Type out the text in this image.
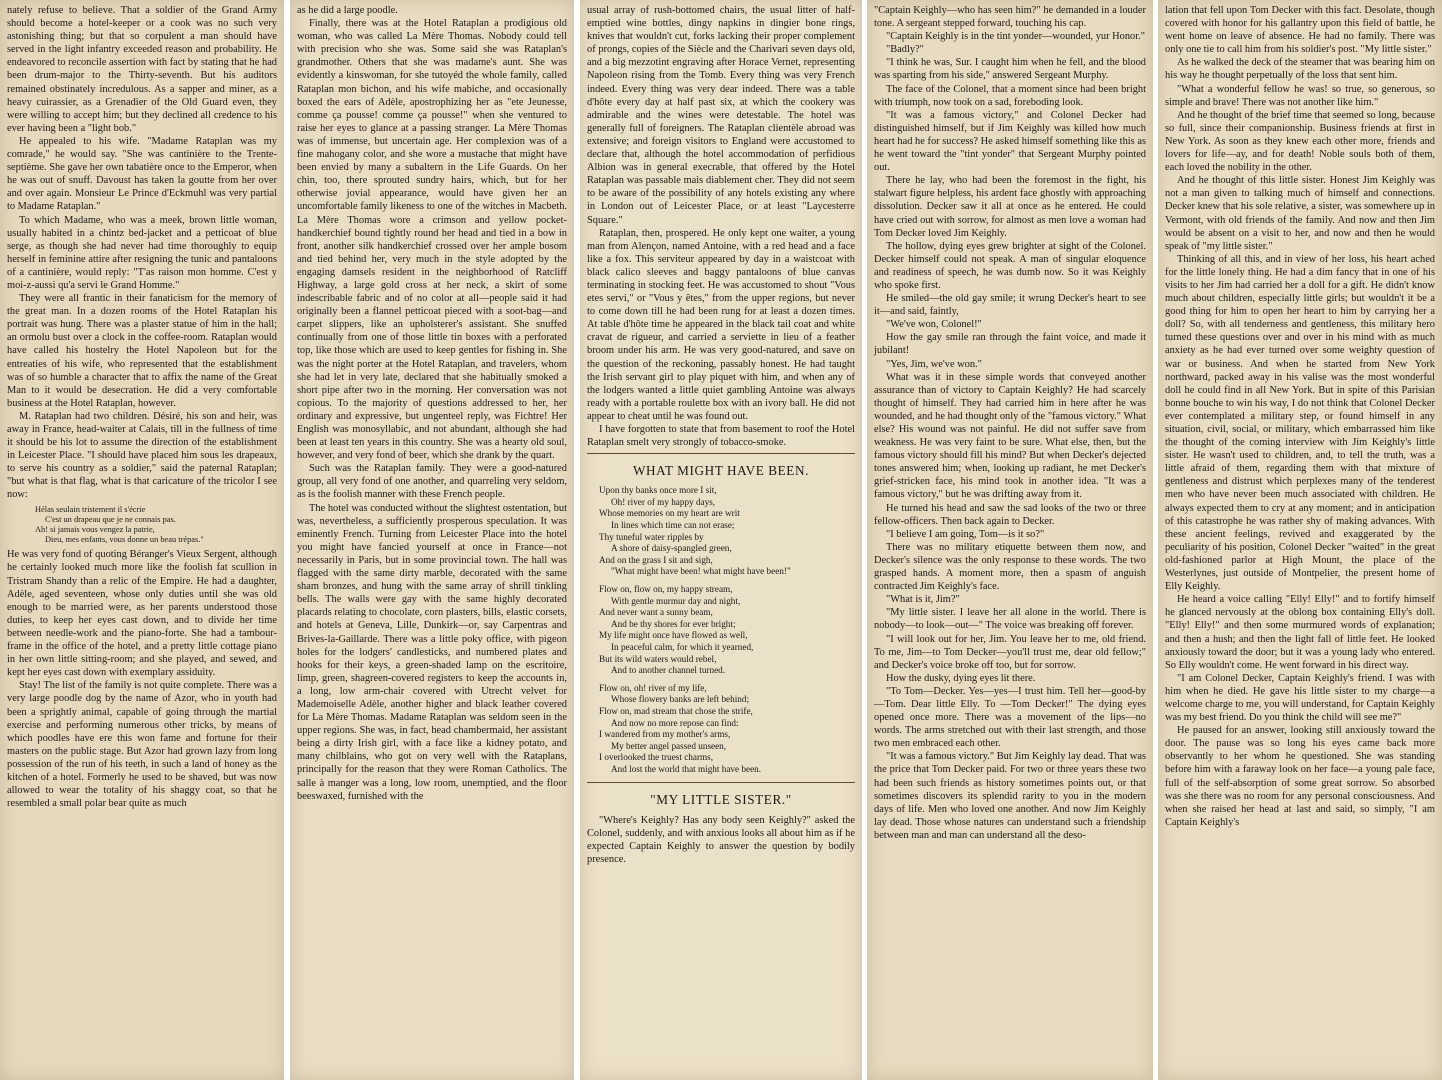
nately refuse to believe. That a soldier of the Grand Army should become a hotel-keeper or a cook was no such very astonishing thing; but that so corpulent a man should have served in the light infantry exceeded reason and probability. He endeavored to reconcile assertion with fact by stating that he had been drum-major to the Thirty-seventh. But his auditors remained obstinately incredulous. As a sapper and miner, as a heavy cuirassier, as a Grenadier of the Old Guard even, they were willing to accept him; but they declined all credence to his ever having been a "light bob."

He appealed to his wife. "Madame Rataplan was my comrade," he would say. "She was cantinière to the Trente-septième. She gave her own tabatière once to the Emperor, when he was out of snuff. Davoust has taken la goutte from her over and over again. Monsieur Le Prince d'Eckmuhl was very partial to Madame Rataplan."

To which Madame, who was a meek, brown little woman, usually habited in a chintz bed-jacket and a petticoat of blue serge, as though she had never had time thoroughly to equip herself in feminine attire after resigning the tunic and pantaloons of a cantinière, would reply: "T'as raison mon homme. C'est y moi-z-aussi qu'a servi le Grand Homme."

They were all frantic in their fanaticism for the memory of the great man. In a dozen rooms of the Hotel Rataplan his portrait was hung. There was a plaster statue of him in the hall; an ormolu bust over a clock in the coffee-room. Rataplan would have called his hostelry the Hotel Napoleon but for the entreaties of his wife, who represented that the establishment was of so humble a character that to affix the name of the Great Man to it would be desecration. He did a very comfortable business at the Hotel Rataplan, however.

M. Rataplan had two children. Désiré, his son and heir, was away in France, head-waiter at Calais, till in the fullness of time it should be his lot to assume the direction of the establishment in Leicester Place. "I should have placed him sous les drapeaux, to serve his country as a soldier," said the paternal Rataplan; "but what is that flag, what is that caricature of the tricolor I see now:

Hélas seulain tristement il s'écrie
C'est un drapeau que je ne connais pas.
Ah! si jamais vous vengez la patrie,
Dieu, mes enfants, vous donne un beau trépas."

He was very fond of quoting Béranger's Vieux Sergent, although he certainly looked much more like the foolish fat scullion in Tristram Shandy than a relic of the Empire. He had a daughter, Adèle, aged seventeen, whose only duties until she was old enough to be married were, as her parents understood those duties, to keep her eyes cast down, and to divide her time between needle-work and the piano-forte. She had a tambour-frame in the office of the hotel, and a pretty little cottage piano in her own little sitting-room; and she played, and sewed, and kept her eyes cast down with exemplary assiduity.

Stay! The list of the family is not quite complete. There was a very large poodle dog by the name of Azor, who in youth had been a sprightly animal, capable of going through the martial exercise and performing numerous other tricks, by means of which poodles have ere this won fame and fortune for their masters on the public stage. But Azor had grown lazy from long possession of the run of his teeth, in such a land of honey as the kitchen of a hotel. Formerly he used to be shaved, but was now allowed to wear the totality of his shaggy coat, so that he resembled a small polar bear quite as much

as he did a large poodle.

Finally, there was at the Hotel Rataplan a prodigious old woman, who was called La Mère Thomas. Nobody could tell with precision who she was. Some said she was Rataplan's grandmother. Others that she was madame's aunt. She was evidently a kinswoman, for she tutoyéd the whole family, called Rataplan mon bichon, and his wife mabiche, and occasionally boxed the ears of Adèle, apostrophizing her as "ete Jeunesse, comme ça pousse! comme ça pousse!" when she ventured to raise her eyes to glance at a passing stranger. La Mère Thomas was of immense, but uncertain age. Her complexion was of a fine mahogany color, and she wore a mustache that might have been envied by many a subaltern in the Life Guards. On her chin, too, there sprouted sundry hairs, which, but for her otherwise jovial appearance, would have given her an uncomfortable family likeness to one of the witches in Macbeth. La Mère Thomas wore a crimson and yellow pocket-handkerchief bound tightly round her head and tied in a bow in front, another silk handkerchief crossed over her ample bosom and tied behind her, very much in the style adopted by the engaging damsels resident in the neighborhood of Ratcliff Highway, a large gold cross at her neck, a skirt of some indescribable fabric and of no color at all—people said it had originally been a flannel petticoat pieced with a soot-bag—and carpet slippers, like an upholsterer's assistant. She snuffed continually from one of those little tin boxes with a perforated top, like those which are used to keep gentles for fishing in. She was the night porter at the Hotel Rataplan, and travelers, whom she had let in very late, declared that she habitually smoked a short pipe after two in the morning. Her conversation was not copious. To the majority of questions addressed to her, her ordinary and expressive, but ungenteel reply, was Fichtre! Her English was monosyllabic, and not abundant, although she had been at least ten years in this country. She was a hearty old soul, however, and very fond of beer, which she drank by the quart.

Such was the Rataplan family. They were a good-natured group, all very fond of one another, and quarreling very seldom, as is the foolish manner with these French people.

The hotel was conducted without the slightest ostentation, but was, nevertheless, a sufficiently prosperous speculation. It was eminently French. Turning from Leicester Place into the hotel you might have fancied yourself at once in France—not necessarily in Paris, but in some provincial town. The hall was flagged with the same dirty marble, decorated with the same sham bronzes, and hung with the same array of shrill tinkling bells. The walls were gay with the same highly decorated placards relating to chocolate, corn plasters, bills, elastic corsets, and hotels at Geneva, Lille, Dunkirk—or, say Carpentras and Brives-la-Gaillarde. There was a little poky office, with pigeon holes for the lodgers' candlesticks, and numbered plates and hooks for their keys, a green-shaded lamp on the escritoire, limp, green, shagreen-covered registers to keep the accounts in, a long, low arm-chair covered with Utrecht velvet for Mademoiselle Adèle, another higher and black leather covered for La Mère Thomas. Madame Rataplan was seldom seen in the upper regions. She was, in fact, head chambermaid, her assistant being a dirty Irish girl, with a face like a kidney potato, and many chilblains, who got on very well with the Rataplans, principally for the reason that they were Roman Catholics. The salle à manger was a long, low room, unemptied, and the floor beeswaxed, furnished with the

usual array of rush-bottomed chairs, the usual litter of half-emptied wine bottles, dingy napkins in dingier bone rings, knives that wouldn't cut, forks lacking their proper complement of prongs, copies of the Siècle and the Charivari seven days old, and a big mezzotint engraving after Horace Vernet, representing Napoleon rising from the Tomb. Every thing was very French indeed. Every thing was very dear indeed. There was a table d'hôte every day at half past six, at which the cookery was admirable and the wines were detestable. The hotel was generally full of foreigners. The Rataplan clientèle abroad was extensive; and foreign visitors to England were accustomed to declare that, although the hotel accommodation of perfidious Albion was in general execrable, that offered by the Hotel Rataplan was passable mais diablement cher. They did not seem to be aware of the possibility of any hotels existing any where in London out of Leicester Place, or at least "Laycesterre Square."

Rataplan, then, prospered. He only kept one waiter, a young man from Alençon, named Antoine, with a red head and a face like a fox. This serviteur appeared by day in a waistcoat with black calico sleeves and baggy pantaloons of blue canvas terminating in stocking feet. He was accustomed to shout "Vous etes servi," or "Vous y êtes," from the upper regions, but never to come down till he had been rung for at least a dozen times. At table d'hôte time he appeared in the black tail coat and white cravat de rigueur, and carried a serviette in lieu of a feather broom under his arm. He was very good-natured, and save on the question of the reckoning, passably honest. He had taught the Irish servant girl to play piquet with him, and when any of the lodgers wanted a little quiet gambling Antoine was always ready with a portable roulette box with an ivory ball. He did not appear to cheat until he was found out.

I have forgotten to state that from basement to roof the Hotel Rataplan smelt very strongly of tobacco-smoke.

WHAT MIGHT HAVE BEEN.
Upon thy banks once more I sit,
Oh! river of my happy days,
Whose memories on my heart are writ
In lines which time can not erase;
Thy tuneful water ripples by
A shore of daisy-spangled green,
And on the grass I sit and sigh,
"What might have been! what might have been!"
Flow on, flow on, my happy stream,
With gentle murmur day and night,
And never want a sunny beam,
And be thy shores for ever bright;
My life might once have flowed as well,
In peaceful calm, for which it yearned,
But its wild waters would rebel,
And to another channel turned.
Flow on, oh! river of my life,
Whose flowery banks are left behind;
Flow on, mad stream that chose the strife,
And now no more repose can find:
I wandered from my mother's arms,
My better angel passed unseen,
I overlooked the truest charms,
And lost the world that might have been.
"MY LITTLE SISTER."

"Where's Keighly? Has any body seen Keighly?" asked the Colonel, suddenly, and with anxious looks all about him as if he expected Captain Keighly to answer the question by bodily presence.

"Captain Keighly—who has seen him?" he demanded in a louder tone. A sergeant stepped forward, touching his cap.

"Captain Keighly is in the tint yonder—wounded, yur Honor."

"Badly?"

"I think he was, Sur. I caught him when he fell, and the blood was sparting from his side," answered Sergeant Murphy.

The face of the Colonel, that a moment since had been bright with triumph, now took on a sad, foreboding look.

"It was a famous victory," and Colonel Decker had distinguished himself, but if Jim Keighly was killed how much heart had he for success? He asked himself something like this as he went toward the "tint yonder" that Sergeant Murphy pointed out.

There he lay, who had been the foremost in the fight, his stalwart figure helpless, his ardent face ghostly with approaching dissolution. Decker saw it all at once as he entered. He could have cried out with sorrow, for almost as men love a woman had Tom Decker loved Jim Keighly.

The hollow, dying eyes grew brighter at sight of the Colonel. Decker himself could not speak. A man of singular eloquence and readiness of speech, he was dumb now. So it was Keighly who spoke first.

He smiled—the old gay smile; it wrung Decker's heart to see it—and said, faintly,

"We've won, Colonel!"

How the gay smile ran through the faint voice, and made it jubilant!

"Yes, Jim, we've won."

What was it in these simple words that conveyed another assurance than of victory to Captain Keighly? He had scarcely thought of himself. They had carried him in here after he was wounded, and he had thought only of the "famous victory." What else? His wound was not painful. He did not suffer save from weakness. He was very faint to be sure. What else, then, but the famous victory should fill his mind? But when Decker's dejected tones answered him; when, looking up radiant, he met Decker's grief-stricken face, his mind took in another idea. "It was a famous victory," but he was drifting away from it.

He turned his head and saw the sad looks of the two or three fellow-officers. Then back again to Decker.

"I believe I am going, Tom—is it so?"

There was no military etiquette between them now, and Decker's silence was the only response to these words. The two grasped hands. A moment more, then a spasm of anguish contracted Jim Keighly's face.

"What is it, Jim?"

"My little sister. I leave her all alone in the world. There is nobody—to look—out—" The voice was breaking off forever.

"I will look out for her, Jim. You leave her to me, old friend. To me, Jim—to Tom Decker—you'll trust me, dear old fellow;" and Decker's voice broke off too, but for sorrow.

How the dusky, dying eyes lit there.

"To Tom—Decker. Yes—yes—I trust him. Tell her—good-by—Tom. Dear little Elly. To —Tom Decker!" The dying eyes opened once more. There was a movement of the lips—no words. The arms stretched out with their last strength, and those two men embraced each other.

"It was a famous victory." But Jim Keighly lay dead. That was the price that Tom Decker paid. For two or three years these two had been such friends as history sometimes points out, or that sometimes discovers its splendid rarity to you in the modern days of life. Men who loved one another. And now Jim Keighly lay dead. Those whose natures can understand such a friendship between man and man can understand all the deso-

lation that fell upon Tom Decker with this fact. Desolate, though covered with honor for his gallantry upon this field of battle, he went home on leave of absence. He had no family. There was only one tie to call him from his soldier's post. "My little sister."

As he walked the deck of the steamer that was bearing him on his way he thought perpetually of the loss that sent him.

"What a wonderful fellow he was! so true, so generous, so simple and brave! There was not another like him."

And he thought of the brief time that seemed so long, because so full, since their companionship. Business friends at first in New York. As soon as they knew each other more, friends and lovers for life—ay, and for death! Noble souls both of them, each loved the nobility in the other.

And he thought of this little sister. Honest Jim Keighly was not a man given to talking much of himself and connections. Decker knew that his sole relative, a sister, was somewhere up in Vermont, with old friends of the family. And now and then Jim would be absent on a visit to her, and now and then he would speak of "my little sister."

Thinking of all this, and in view of her loss, his heart ached for the little lonely thing. He had a dim fancy that in one of his visits to her Jim had carried her a doll for a gift. He didn't know much about children, especially little girls; but wouldn't it be a good thing for him to open her heart to him by carrying her a doll? So, with all tenderness and gentleness, this military hero turned these questions over and over in his mind with as much anxiety as he had ever turned over some weighty question of war or business. And when he started from New York northward, packed away in his valise was the most wonderful doll he could find in all New York. But in spite of this Parisian bonne bouche to win his way, I do not think that Colonel Decker ever contemplated a military step, or found himself in any situation, civil, social, or military, which embarrassed him like the thought of the coming interview with Jim Keighly's little sister. He wasn't used to children, and, to tell the truth, was a little afraid of them, regarding them with that mixture of gentleness and distrust which perplexes many of the tenderest men who have never been much associated with children. He always expected them to cry at any moment; and in anticipation of this catastrophe he was rather shy of making advances. With these ancient feelings, revived and exaggerated by the peculiarity of his position, Colonel Decker "waited" in the great old-fashioned parlor at High Mount, the place of the Westerlynes, just outside of Montpelier, the present home of Elly Keighly.

He heard a voice calling "Elly! Elly!" and to fortify himself he glanced nervously at the oblong box containing Elly's doll. "Elly! Elly!" and then some murmured words of explanation; and then a hush; and then the light fall of little feet. He looked anxiously toward the door; but it was a young lady who entered. So Elly wouldn't come. He went forward in his direct way.

"I am Colonel Decker, Captain Keighly's friend. I was with him when he died. He gave his little sister to my charge—a welcome charge to me, you will understand, for Captain Keighly was my best friend. Do you think the child will see me?"

He paused for an answer, looking still anxiously toward the door. The pause was so long his eyes came back more observantly to her whom he questioned. She was standing before him with a faraway look on her face—a young pale face, full of the self-absorption of some great sorrow. So absorbed was she there was no room for any personal consciousness. And when she raised her head at last and said, so simply, "I am Captain Keighly's
